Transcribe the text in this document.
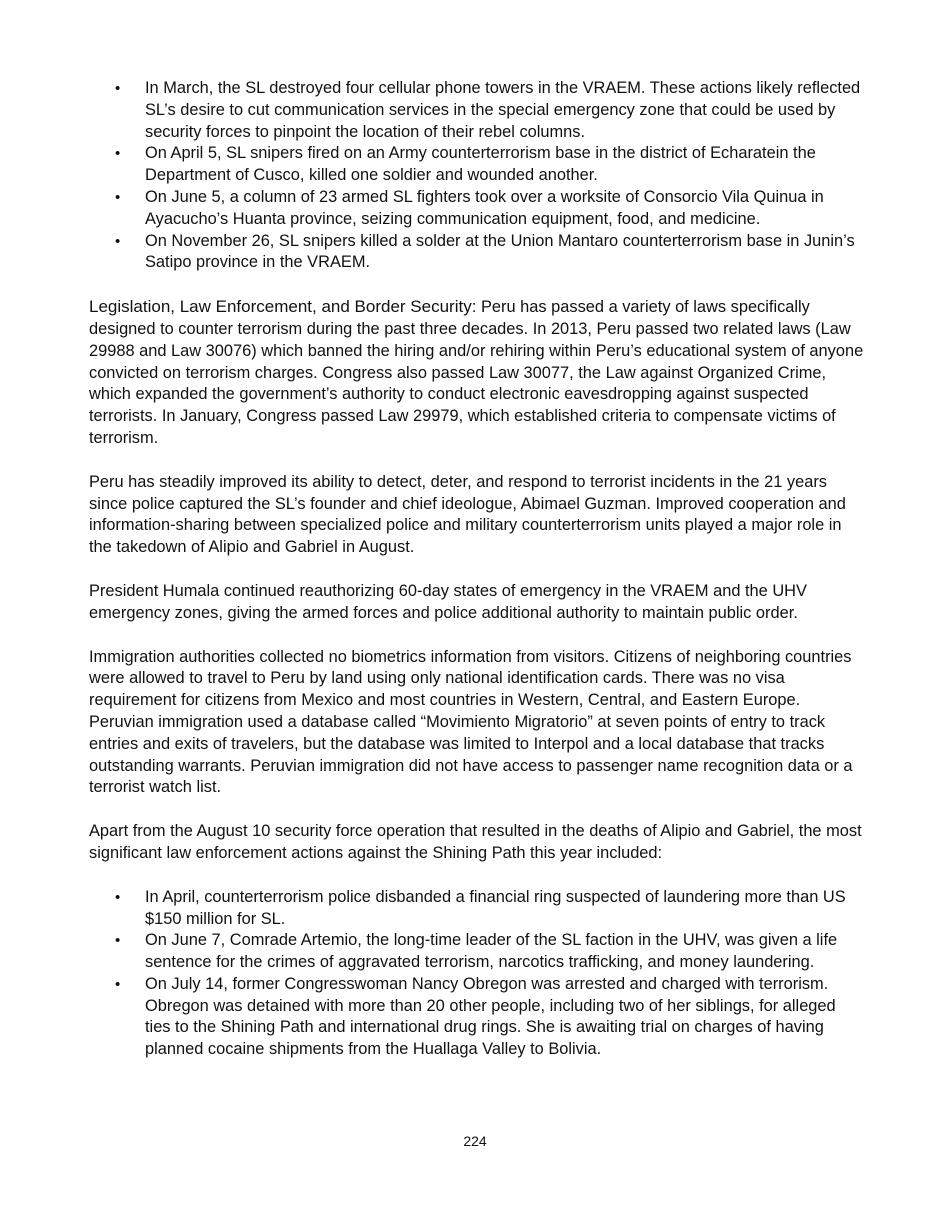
• In March, the SL destroyed four cellular phone towers in the VRAEM. These actions likely reflected SL’s desire to cut communication services in the special emergency zone that could be used by security forces to pinpoint the location of their rebel columns.
• On April 5, SL snipers fired on an Army counterterrorism base in the district of Echaratein the Department of Cusco, killed one soldier and wounded another.
• On June 5, a column of 23 armed SL fighters took over a worksite of Consorcio Vila Quinua in Ayacucho’s Huanta province, seizing communication equipment, food, and medicine.
• On November 26, SL snipers killed a solder at the Union Mantaro counterterrorism base in Junin’s Satipo province in the VRAEM.

Legislation, Law Enforcement, and Border Security: Peru has passed a variety of laws specifically designed to counter terrorism during the past three decades. In 2013, Peru passed two related laws (Law 29988 and Law 30076) which banned the hiring and/or rehiring within Peru’s educational system of anyone convicted on terrorism charges. Congress also passed Law 30077, the Law against Organized Crime, which expanded the government’s authority to conduct electronic eavesdropping against suspected terrorists. In January, Congress passed Law 29979, which established criteria to compensate victims of terrorism.

Peru has steadily improved its ability to detect, deter, and respond to terrorist incidents in the 21 years since police captured the SL’s founder and chief ideologue, Abimael Guzman. Improved cooperation and information-sharing between specialized police and military counterterrorism units played a major role in the takedown of Alipio and Gabriel in August.

President Humala continued reauthorizing 60-day states of emergency in the VRAEM and the UHV emergency zones, giving the armed forces and police additional authority to maintain public order.

Immigration authorities collected no biometrics information from visitors. Citizens of neighboring countries were allowed to travel to Peru by land using only national identification cards. There was no visa requirement for citizens from Mexico and most countries in Western, Central, and Eastern Europe. Peruvian immigration used a database called “Movimiento Migratorio” at seven points of entry to track entries and exits of travelers, but the database was limited to Interpol and a local database that tracks outstanding warrants. Peruvian immigration did not have access to passenger name recognition data or a terrorist watch list.

Apart from the August 10 security force operation that resulted in the deaths of Alipio and Gabriel, the most significant law enforcement actions against the Shining Path this year included:

• In April, counterterrorism police disbanded a financial ring suspected of laundering more than US $150 million for SL.
• On June 7, Comrade Artemio, the long-time leader of the SL faction in the UHV, was given a life sentence for the crimes of aggravated terrorism, narcotics trafficking, and money laundering.
• On July 14, former Congresswoman Nancy Obregon was arrested and charged with terrorism. Obregon was detained with more than 20 other people, including two of her siblings, for alleged ties to the Shining Path and international drug rings. She is awaiting trial on charges of having planned cocaine shipments from the Huallaga Valley to Bolivia.
224
